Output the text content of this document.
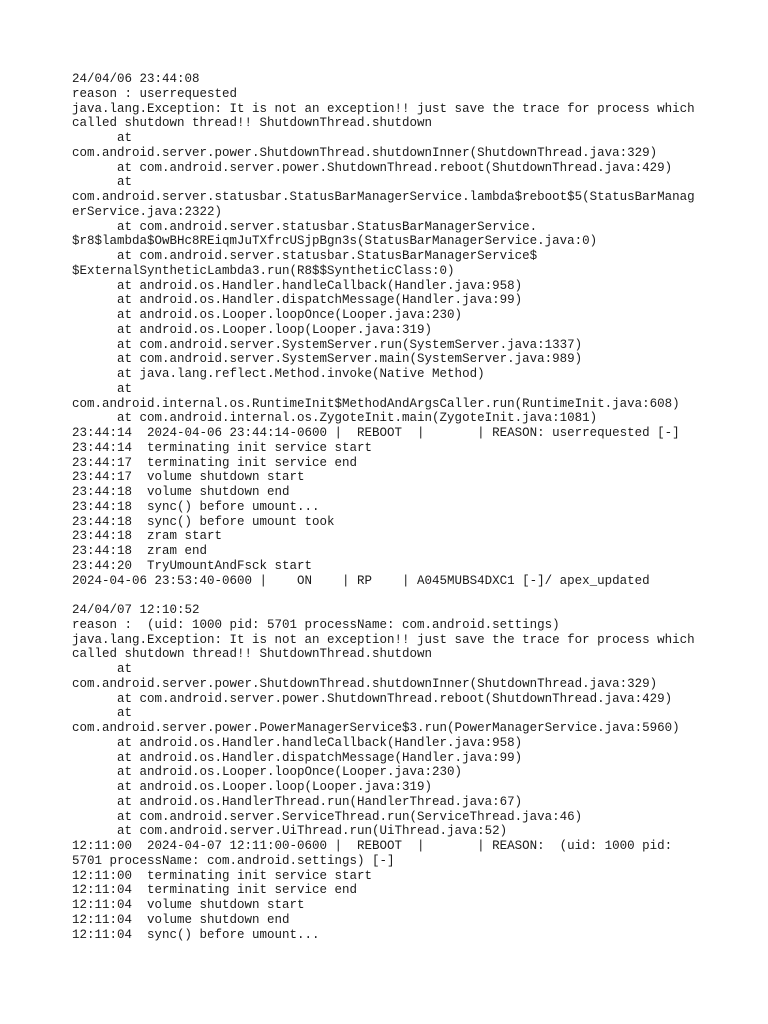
24/04/06 23:44:08
reason : userrequested
java.lang.Exception: It is not an exception!! just save the trace for process which
called shutdown thread!! ShutdownThread.shutdown
at
com.android.server.power.ShutdownThread.shutdownInner(ShutdownThread.java:329)
at com.android.server.power.ShutdownThread.reboot(ShutdownThread.java:429)
at
com.android.server.statusbar.StatusBarManagerService.lambda$reboot$5(StatusBarManag
erService.java:2322)
at com.android.server.statusbar.StatusBarManagerService.
$r8$lambda$OwBHc8REiqmJuTXfrcUSjpBgn3s(StatusBarManagerService.java:0)
at com.android.server.statusbar.StatusBarManagerService$
$ExternalSyntheticLambda3.run(R8$$SyntheticClass:0)
at android.os.Handler.handleCallback(Handler.java:958)
at android.os.Handler.dispatchMessage(Handler.java:99)
at android.os.Looper.loopOnce(Looper.java:230)
at android.os.Looper.loop(Looper.java:319)
at com.android.server.SystemServer.run(SystemServer.java:1337)
at com.android.server.SystemServer.main(SystemServer.java:989)
at java.lang.reflect.Method.invoke(Native Method)
at
com.android.internal.os.RuntimeInit$MethodAndArgsCaller.run(RuntimeInit.java:608)
at com.android.internal.os.ZygoteInit.main(ZygoteInit.java:1081)
23:44:14  2024-04-06 23:44:14-0600 |  REBOOT  |       | REASON: userrequested [-]
23:44:14  terminating init service start
23:44:17  terminating init service end
23:44:17  volume shutdown start
23:44:18  volume shutdown end
23:44:18  sync() before umount...
23:44:18  sync() before umount took
23:44:18  zram start
23:44:18  zram end
23:44:20  TryUmountAndFsck start
2024-04-06 23:53:40-0600 |    ON    | RP    | A045MUBS4DXC1 [-]/ apex_updated
24/04/07 12:10:52
reason :  (uid: 1000 pid: 5701 processName: com.android.settings)
java.lang.Exception: It is not an exception!! just save the trace for process which
called shutdown thread!! ShutdownThread.shutdown
at
com.android.server.power.ShutdownThread.shutdownInner(ShutdownThread.java:329)
at com.android.server.power.ShutdownThread.reboot(ShutdownThread.java:429)
at
com.android.server.power.PowerManagerService$3.run(PowerManagerService.java:5960)
at android.os.Handler.handleCallback(Handler.java:958)
at android.os.Handler.dispatchMessage(Handler.java:99)
at android.os.Looper.loopOnce(Looper.java:230)
at android.os.Looper.loop(Looper.java:319)
at android.os.HandlerThread.run(HandlerThread.java:67)
at com.android.server.ServiceThread.run(ServiceThread.java:46)
at com.android.server.UiThread.run(UiThread.java:52)
12:11:00  2024-04-07 12:11:00-0600 |  REBOOT  |       | REASON:  (uid: 1000 pid:
5701 processName: com.android.settings) [-]
12:11:00  terminating init service start
12:11:04  terminating init service end
12:11:04  volume shutdown start
12:11:04  volume shutdown end
12:11:04  sync() before umount...
